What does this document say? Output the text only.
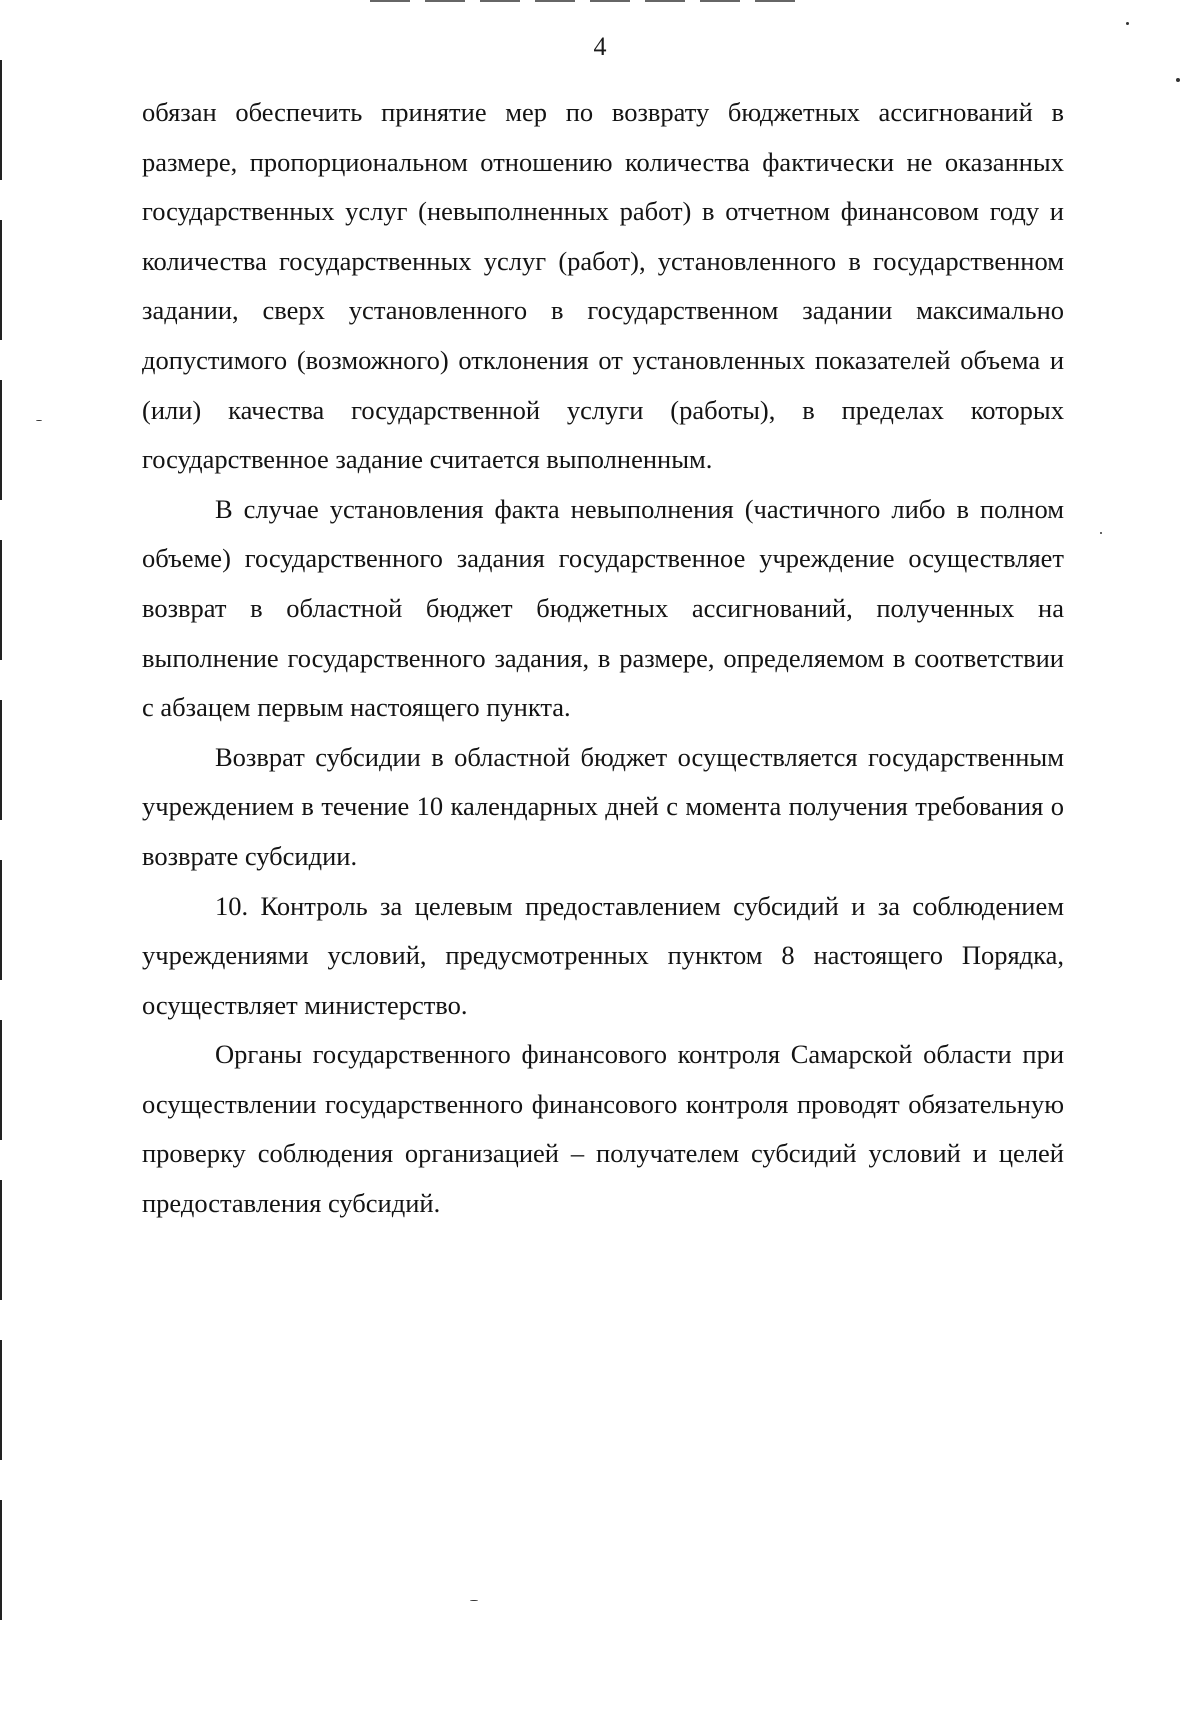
4

обязан обеспечить принятие мер по возврату бюджетных ассигнований в размере, пропорциональном отношению количества фактически не оказанных государственных услуг (невыполненных работ) в отчетном финансовом году и количества государственных услуг (работ), установленного в государственном задании, сверх установленного в государственном задании максимально допустимого (возможного) отклонения от установленных показателей объема и (или) качества государственной услуги (работы), в пределах которых государственное задание считается выполненным.

В случае установления факта невыполнения (частичного либо в полном объеме) государственного задания государственное учреждение осуществляет возврат в областной бюджет бюджетных ассигнований, полученных на выполнение государственного задания, в размере, определяемом в соответствии с абзацем первым настоящего пункта.

Возврат субсидии в областной бюджет осуществляется государственным учреждением в течение 10 календарных дней с момента получения требования о возврате субсидии.

10. Контроль за целевым предоставлением субсидий и за соблюдением учреждениями условий, предусмотренных пунктом 8 настоящего Порядка, осуществляет министерство.

Органы государственного финансового контроля Самарской области при осуществлении государственного финансового контроля проводят обязательную проверку соблюдения организацией – получателем субсидий условий и целей предоставления субсидий.
